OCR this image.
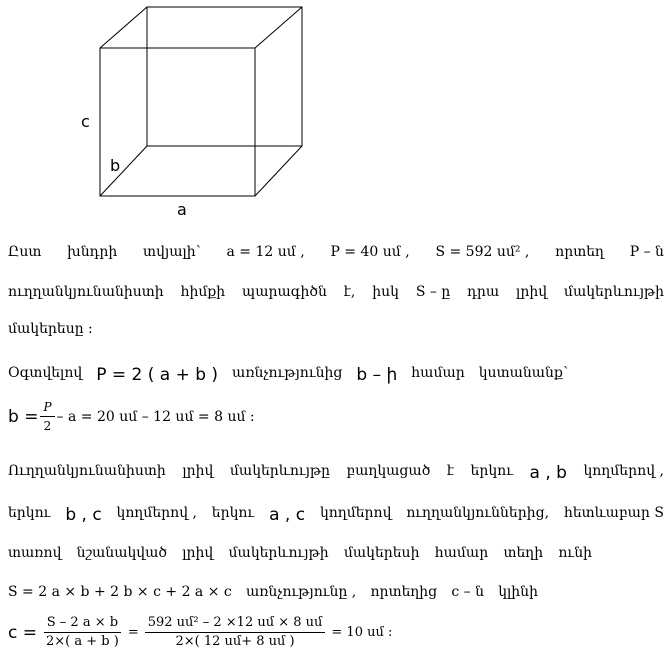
c
b
a
Ըստ խնդրի տվյալի՝ a = 12 սմ , P = 40 սմ , S = 592 սմ² , որտեղ P – ն
ուղղանկյունանիստի հիմքի պարագիծն է, իսկ S – ը դրա լրիվ մակերևույթի
մակերեսը :
Օգտվելով P = 2 ( a + b ) առնչությունից b – ի համար կստանանք՝
$b = \frac{P}{2} - a = 20$ սմ – 12 սմ = 8 սմ :
Ուղղանկյունանիստի լրիվ մակերևույթը բաղկացած է երկու a , b կողմերով ,
երկու b , c կողմերով , երկու a , c կողմերով ուղղանկյուններից, հետևաբար S
տառով նշանակված լրիվ մակերևույթի մակերեսի համար տեղի ունի
S = 2 a × b + 2 b × c + 2 a × c առնչությունը , որտեղից c – ն կլինի
$c = \frac{S - 2 a \times b}{2\times( a + b )} = \frac{\text{592 սմ² – 2 ×12 սմ × 8 սմ}}{\text{2×( 12 սմ+ 8 սմ )}} = 10$ սմ :
